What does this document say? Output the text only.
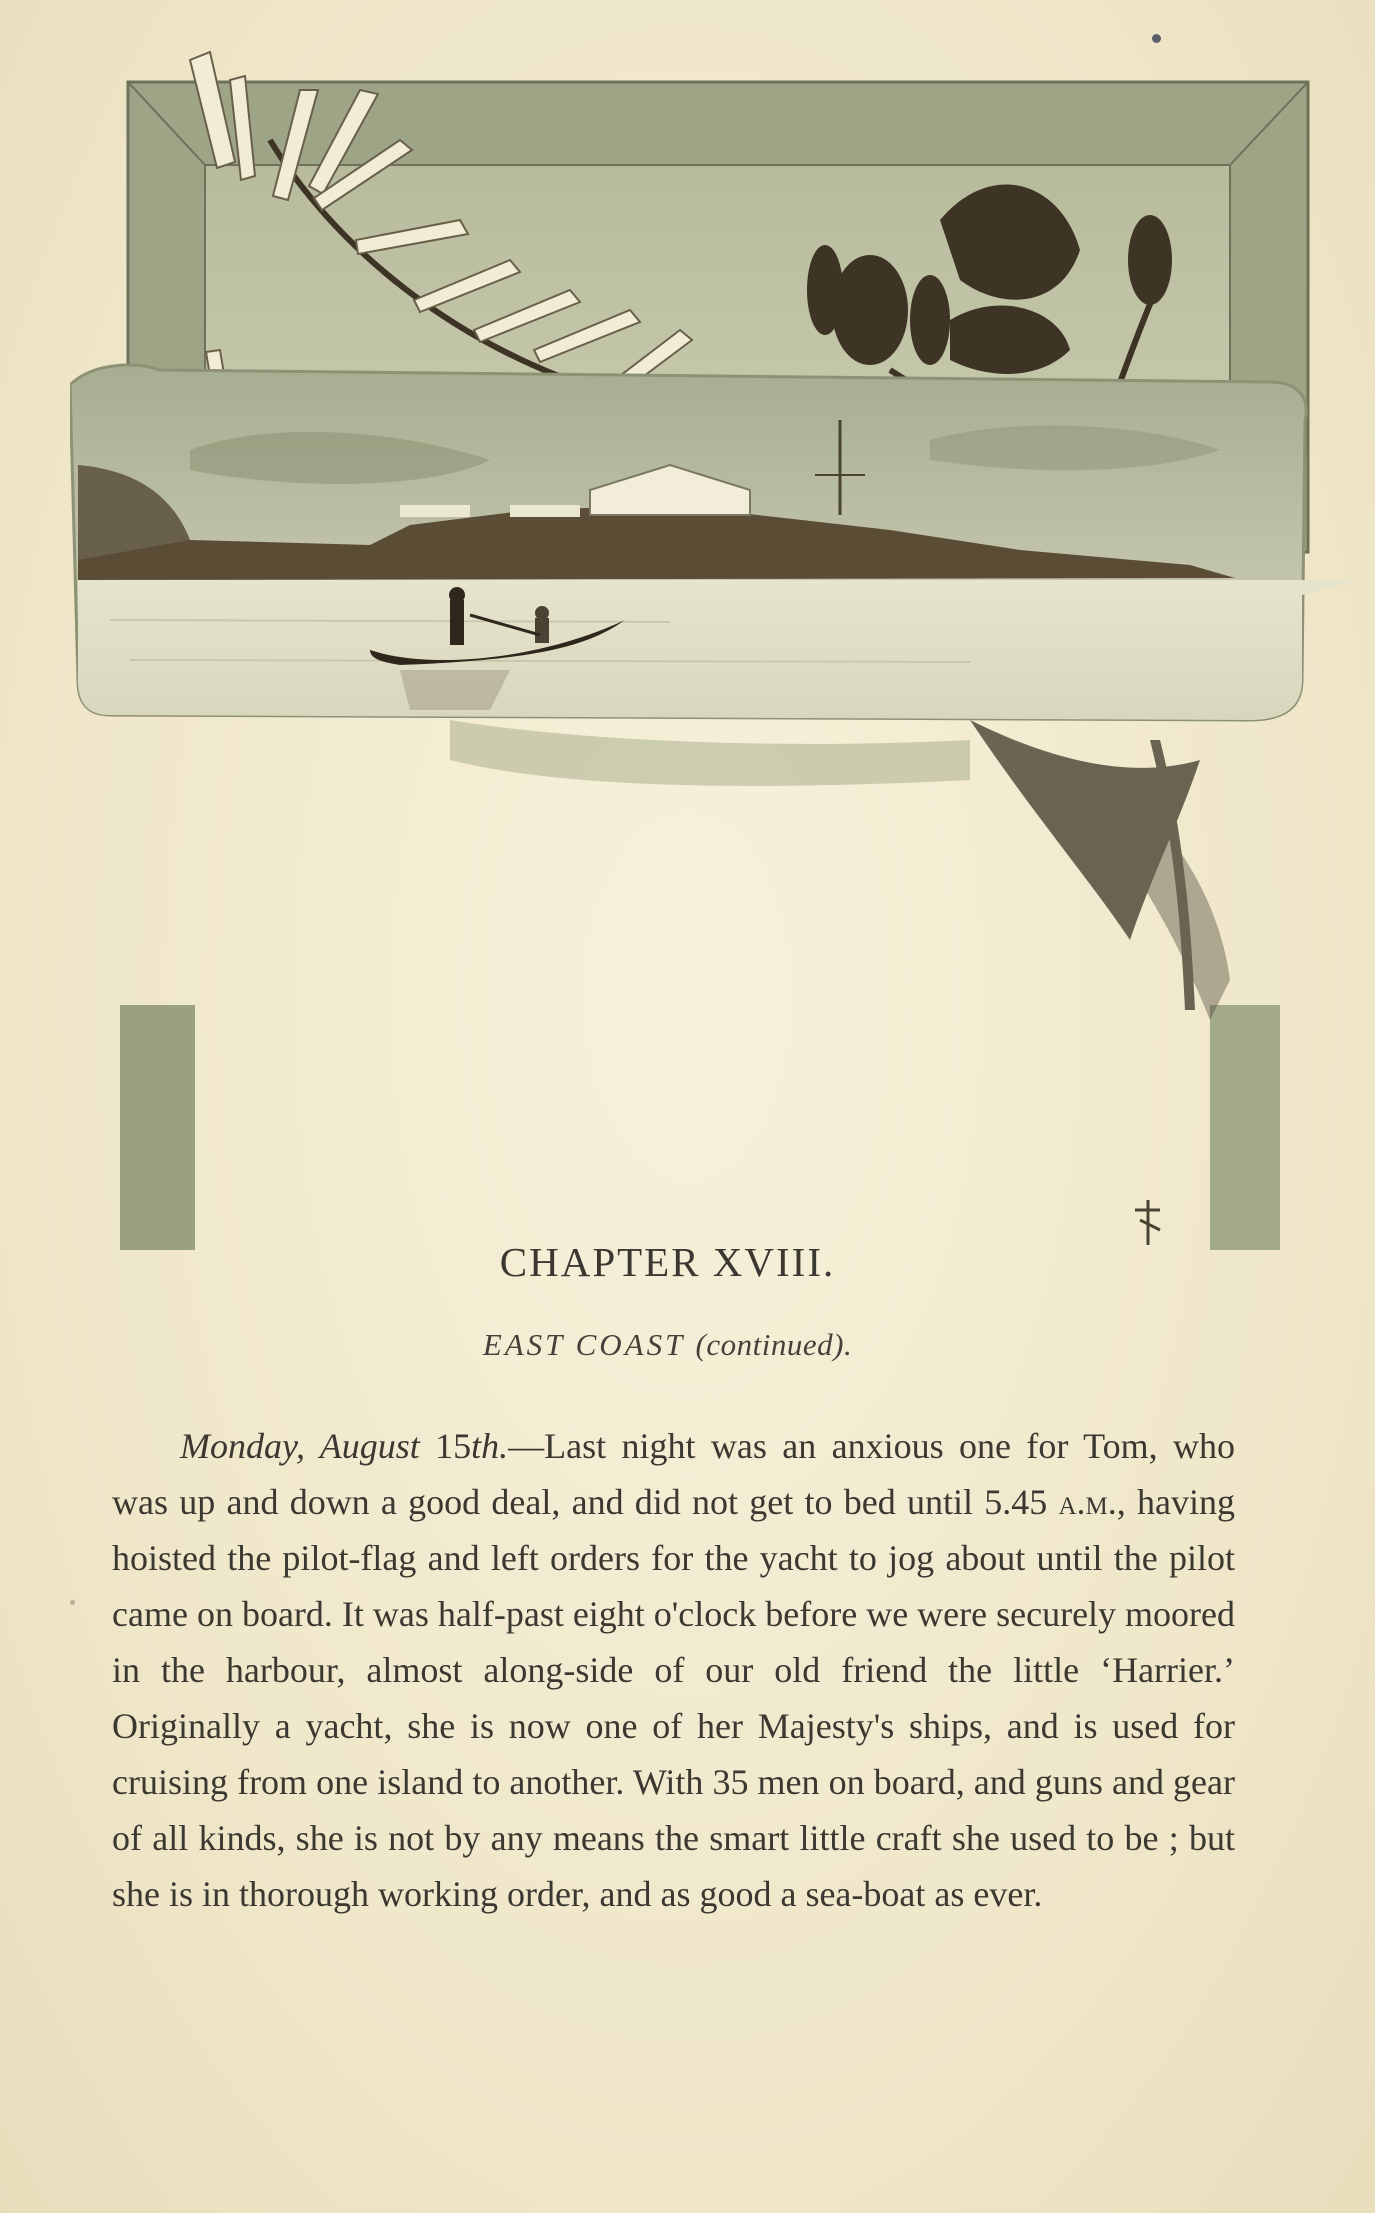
CHAPTER XVIII.
EAST COAST (continued).

Monday, August 15th.—Last night was an anxious one for Tom, who was up and down a good deal, and did not get to bed until 5.45 a.m., having hoisted the pilot-flag and left orders for the yacht to jog about until the pilot came on board. It was half-past eight o'clock before we were securely moored in the harbour, almost along-side of our old friend the little ‘Harrier.’ Originally a yacht, she is now one of her Majesty's ships, and is used for cruising from one island to another. With 35 men on board, and guns and gear of all kinds, she is not by any means the smart little craft she used to be ; but she is in thorough working order, and as good a sea-boat as ever.
